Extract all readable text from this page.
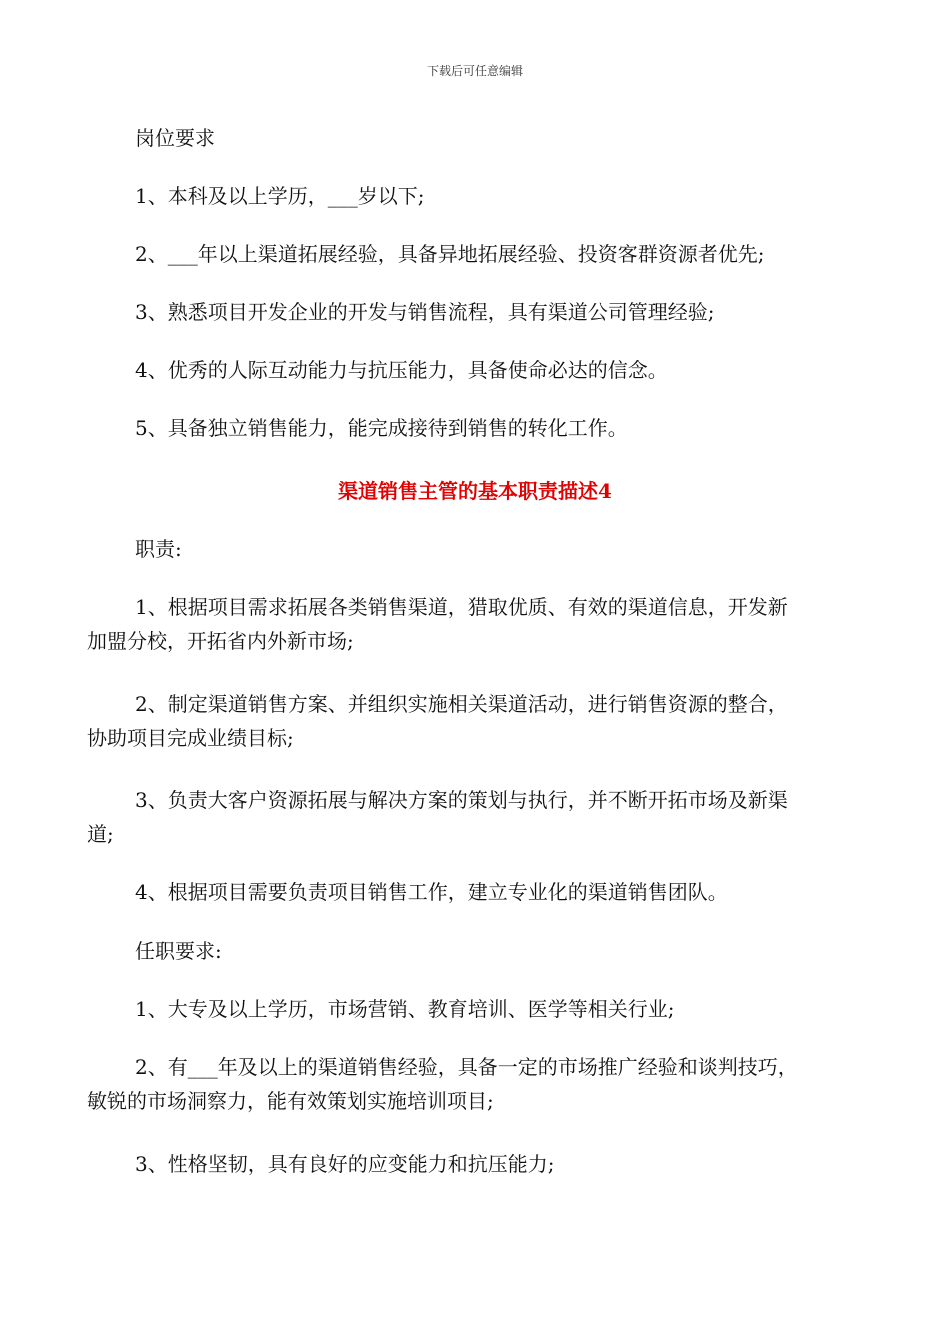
下载后可任意编辑
岗位要求
1、本科及以上学历，___岁以下;
2、___年以上渠道拓展经验，具备异地拓展经验、投资客群资源者优先;
3、熟悉项目开发企业的开发与销售流程，具有渠道公司管理经验;
4、优秀的人际互动能力与抗压能力，具备使命必达的信念。
5、具备独立销售能力，能完成接待到销售的转化工作。
渠道销售主管的基本职责描述4
职责:
1、根据项目需求拓展各类销售渠道，猎取优质、有效的渠道信息，开发新
加盟分校，开拓省内外新市场;
2、制定渠道销售方案、并组织实施相关渠道活动，进行销售资源的整合，
协助项目完成业绩目标;
3、负责大客户资源拓展与解决方案的策划与执行，并不断开拓市场及新渠
道;
4、根据项目需要负责项目销售工作，建立专业化的渠道销售团队。
任职要求:
1、大专及以上学历，市场营销、教育培训、医学等相关行业;
2、有___年及以上的渠道销售经验，具备一定的市场推广经验和谈判技巧，
敏锐的市场洞察力，能有效策划实施培训项目;
3、性格坚韧，具有良好的应变能力和抗压能力;
